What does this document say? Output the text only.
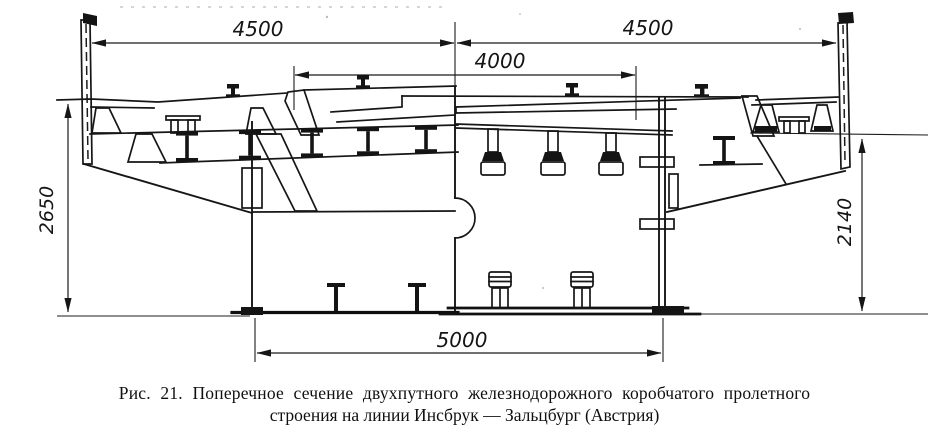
4500	4500
4000
2650	2140
5000
Рис. 21. Поперечное сечение двухпутного железнодорожного коробчатого пролетного
строения на линии Инсбрук — Зальцбург (Австрия)
